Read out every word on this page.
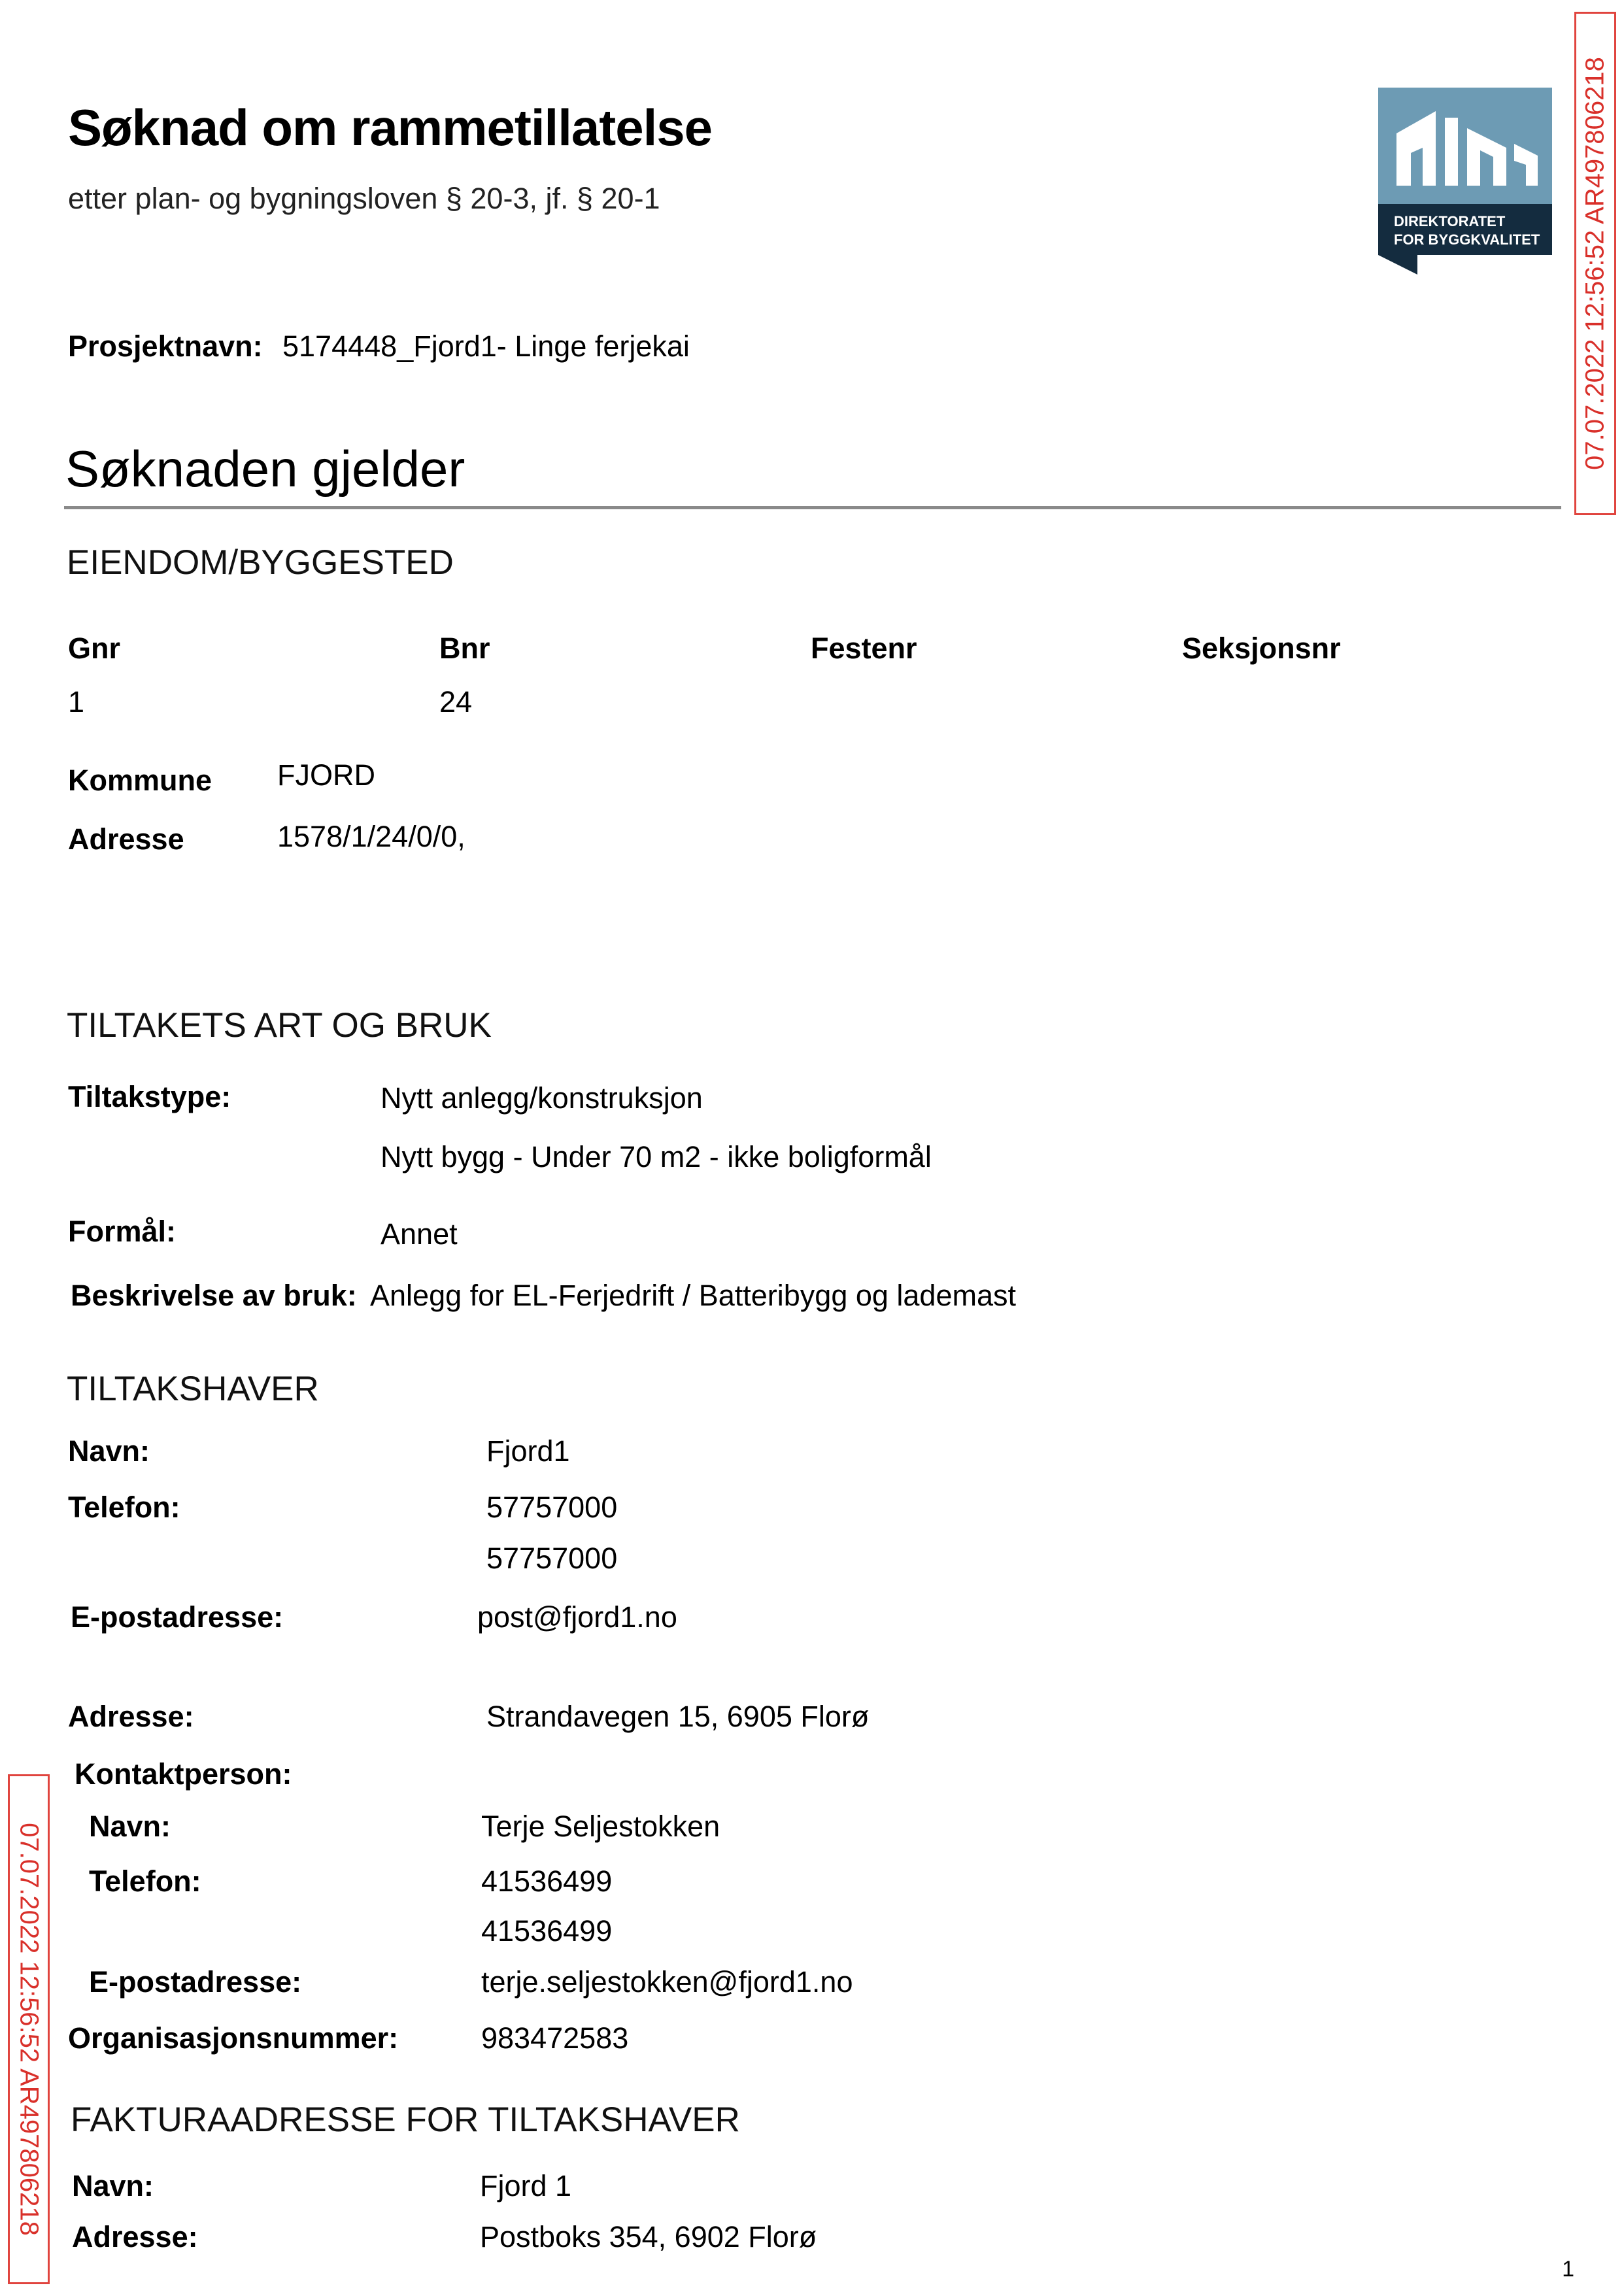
Søknad om rammetillatelse
etter plan- og bygningsloven § 20-3, jf. § 20-1
Prosjektnavn: 5174448_Fjord1- Linge ferjekai
DIREKTORATET
FOR BYGGKVALITET 07.07.2022 12:56:52 AR497806218
07.07.2022 12:56:52 AR497806218
Søknaden gjelder
EIENDOM/BYGGESTED
Gnr	Bnr	Festenr	Seksjonsnr
1	24
Kommune FJORD
Adresse	1578/1/24/0/0,
TILTAKETS ART OG BRUK
Tiltakstype:	Nytt anlegg/konstruksjon
Nytt bygg - Under 70 m2 - ikke boligformål
Formål:	Annet
Beskrivelse av bruk: Anlegg for EL-Ferjedrift / Batteribygg og lademast
TILTAKSHAVER
Navn:	Fjord1
Telefon:	57757000
57757000
E-postadresse:	post@fjord1.no
Adresse:	Strandavegen 15, 6905 Florø
Kontaktperson:
Navn:	Terje Seljestokken
Telefon:	41536499
41536499
E-postadresse:	terje.seljestokken@fjord1.no
Organisasjonsnummer:	983472583
FAKTURAADRESSE FOR TILTAKSHAVER
Navn:	Fjord 1
Adresse:	Postboks 354, 6902 Florø
1
